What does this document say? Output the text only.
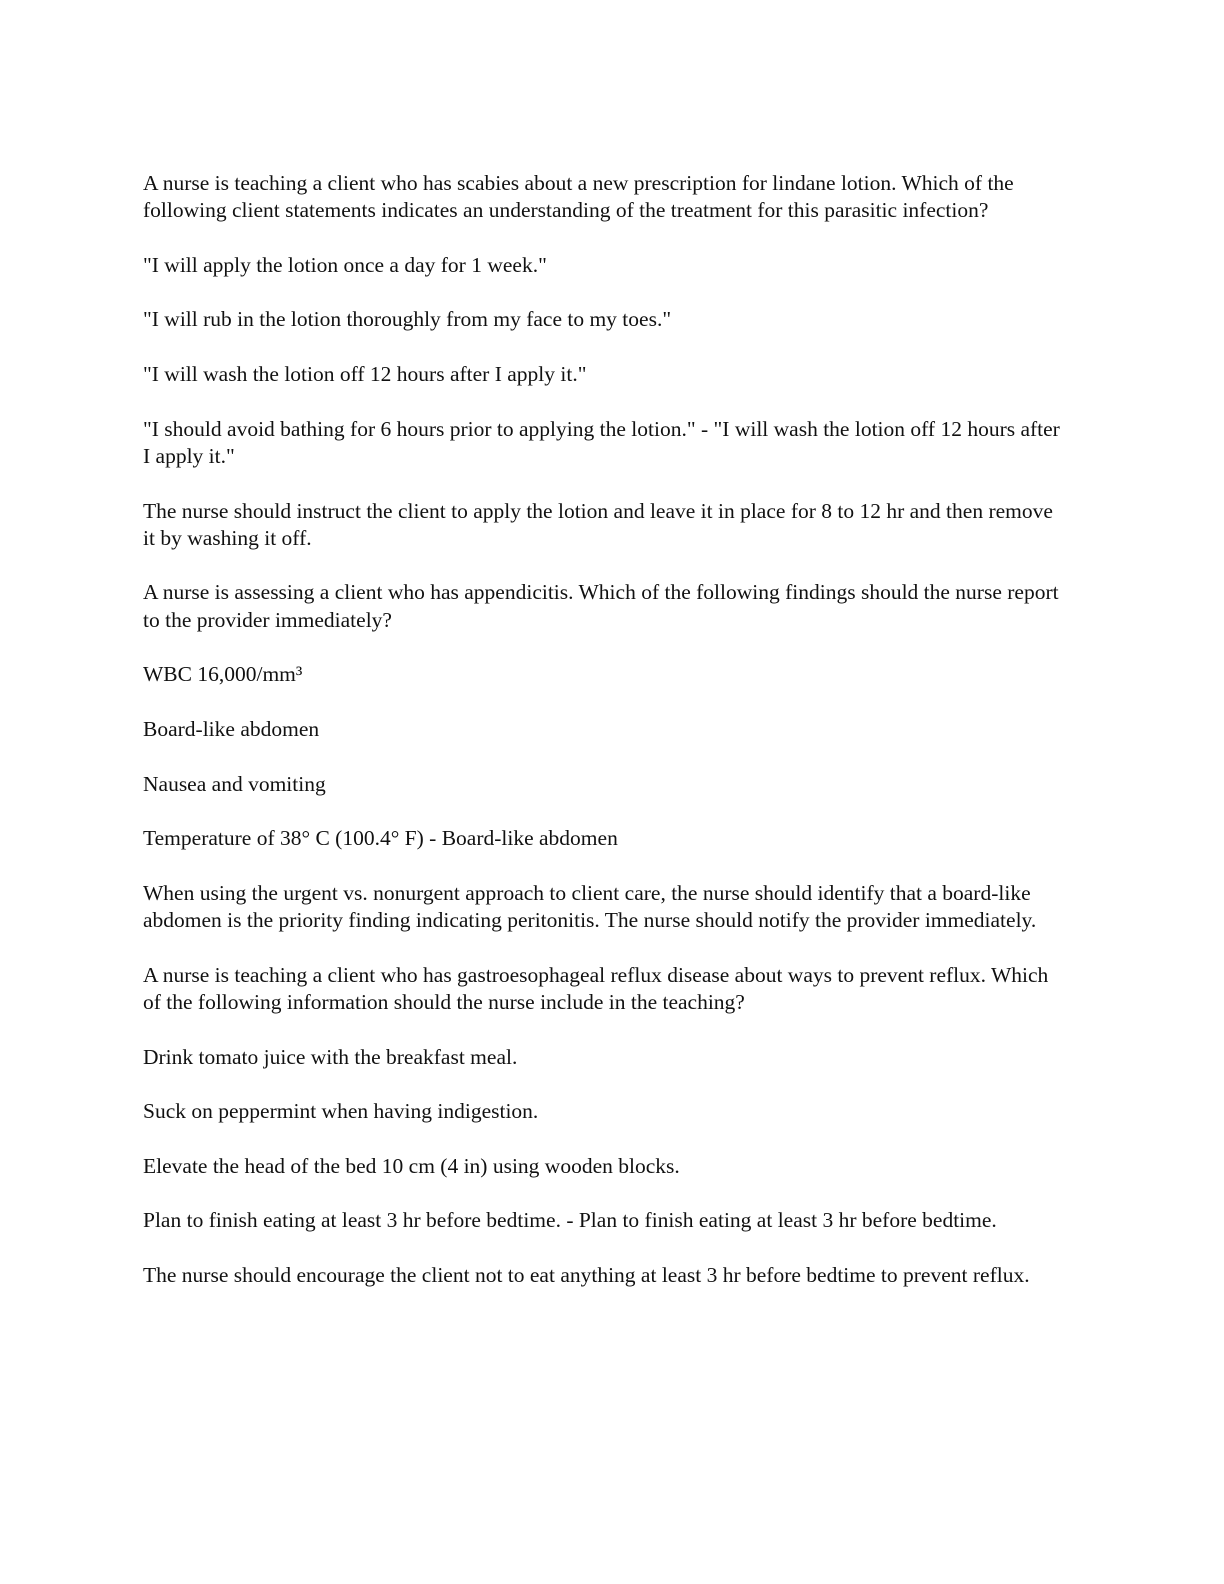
A nurse is teaching a client who has scabies about a new prescription for lindane lotion. Which of the following client statements indicates an understanding of the treatment for this parasitic infection?

"I will apply the lotion once a day for 1 week."

"I will rub in the lotion thoroughly from my face to my toes."

"I will wash the lotion off 12 hours after I apply it."

"I should avoid bathing for 6 hours prior to applying the lotion." - "I will wash the lotion off 12 hours after I apply it."

The nurse should instruct the client to apply the lotion and leave it in place for 8 to 12 hr and then remove it by washing it off.

A nurse is assessing a client who has appendicitis. Which of the following findings should the nurse report to the provider immediately?

WBC 16,000/mm³

Board-like abdomen

Nausea and vomiting

Temperature of 38° C (100.4° F) - Board-like abdomen

When using the urgent vs. nonurgent approach to client care, the nurse should identify that a board-like abdomen is the priority finding indicating peritonitis. The nurse should notify the provider immediately.

A nurse is teaching a client who has gastroesophageal reflux disease about ways to prevent reflux. Which of the following information should the nurse include in the teaching?

Drink tomato juice with the breakfast meal.

Suck on peppermint when having indigestion.

Elevate the head of the bed 10 cm (4 in) using wooden blocks.

Plan to finish eating at least 3 hr before bedtime. - Plan to finish eating at least 3 hr before bedtime.

The nurse should encourage the client not to eat anything at least 3 hr before bedtime to prevent reflux.
